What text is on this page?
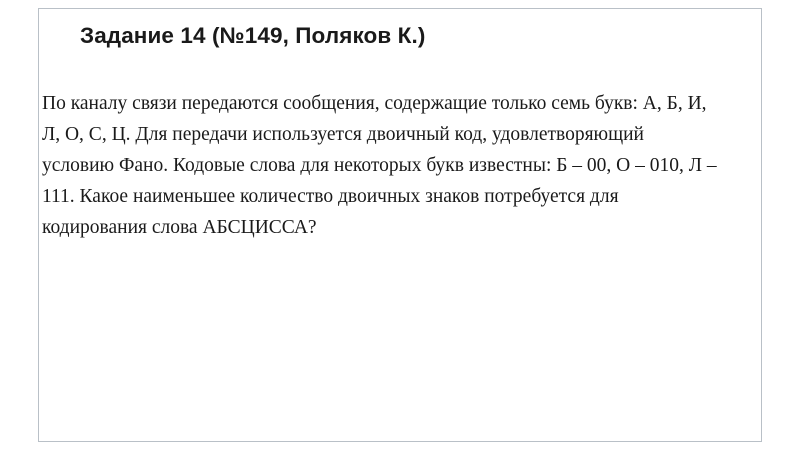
Задание 14 (№149, Поляков К.)
По каналу связи передаются сообщения, содержащие только семь букв: А, Б, И, Л, О, С, Ц. Для передачи используется двоичный код, удовлетворяющий условию Фано. Кодовые слова для некоторых букв известны: Б – 00, О – 010, Л – 111. Какое наименьшее количество двоичных знаков потребуется для кодирования слова АБСЦИССА?
